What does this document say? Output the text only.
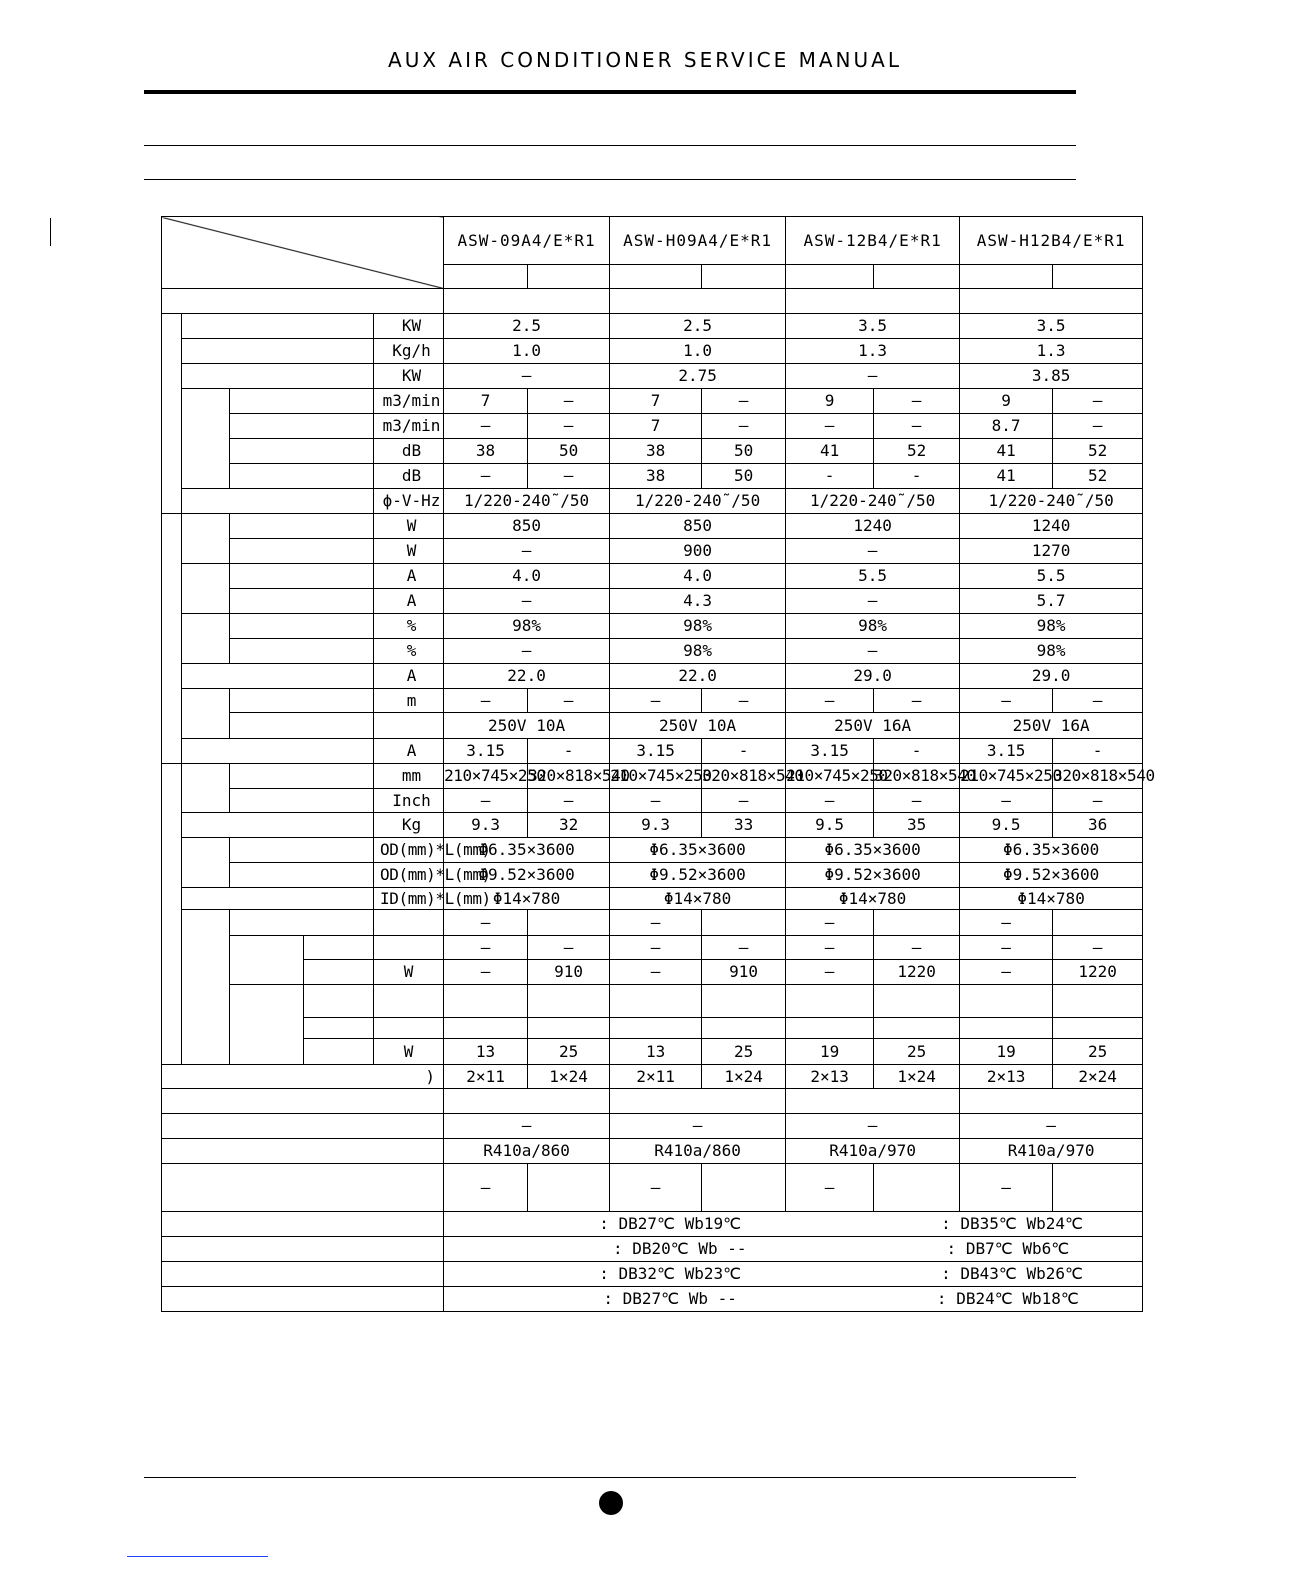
AUX AIR CONDITIONER SERVICE MANUAL
					ASW-09A4/E*R1		ASW-H09A4/E*R1		ASW-12B4/E*R1		ASW-H12B4/E*R1	

				KW	2.5		2.5		3.5		3.5	
				Kg/h	1.0		1.0		1.3		1.3	
				KW	–		2.75		–		3.85	
				m3/min	7	–	7	–	9	–	9	–
				m3/min	–	–	7	–	–	–	8.7	–
				dB	38	50	38	50	41	52	41	52
				dB	–	–	38	50	-	-	41	52
				ϕ-V-Hz	1/220-240˜/50		1/220-240˜/50		1/220-240˜/50		1/220-240˜/50	
				W	850		850		1240		1240	
				W	–		900		–		1270	
				A	4.0		4.0		5.5		5.5	
				A	–		4.3		–		5.7	
				%	98%		98%		98%		98%	
				%	–		98%		–		98%	
				A	22.0		22.0		29.0		29.0	
				m	–	–	–	–	–	–	–	–
					250V 10A		250V 10A		250V 16A		250V 16A	
				A	3.15	-	3.15	-	3.15	-	3.15	-
				mm	210×745×250	320×818×540	210×745×250	320×818×540	210×745×250	320×818×540	210×745×250	320×818×540
				Inch	–	–	–	–	–	–	–	–
				Kg	9.3	32	9.3	33	9.5	35	9.5	36
				OD(mm)*L(mm)	Φ6.35×3600		Φ6.35×3600		Φ6.35×3600		Φ6.35×3600	
				OD(mm)*L(mm)	Φ9.52×3600		Φ9.52×3600		Φ9.52×3600		Φ9.52×3600	
				ID(mm)*L(mm)	Φ14×780		Φ14×780		Φ14×780		Φ14×780	
					–		–		–		–	
					–	–	–	–	–	–	–	–
				W	–	910	–	910	–	1220	–	1220

				W	13	25	13	25	19	25	19	25
)					2×11	1×24	2×11	1×24	2×13	1×24	2×13	2×24

					–		–		–		–	
					R410a/860		R410a/860		R410a/970		R410a/970	
					–		–		–		–	
					: DB27℃ Wb19℃ : DB35℃ Wb24℃							
					: DB20℃ Wb -- : DB7℃ Wb6℃							
					: DB32℃ Wb23℃ : DB43℃ Wb26℃							
					: DB27℃ Wb -- : DB24℃ Wb18℃							
